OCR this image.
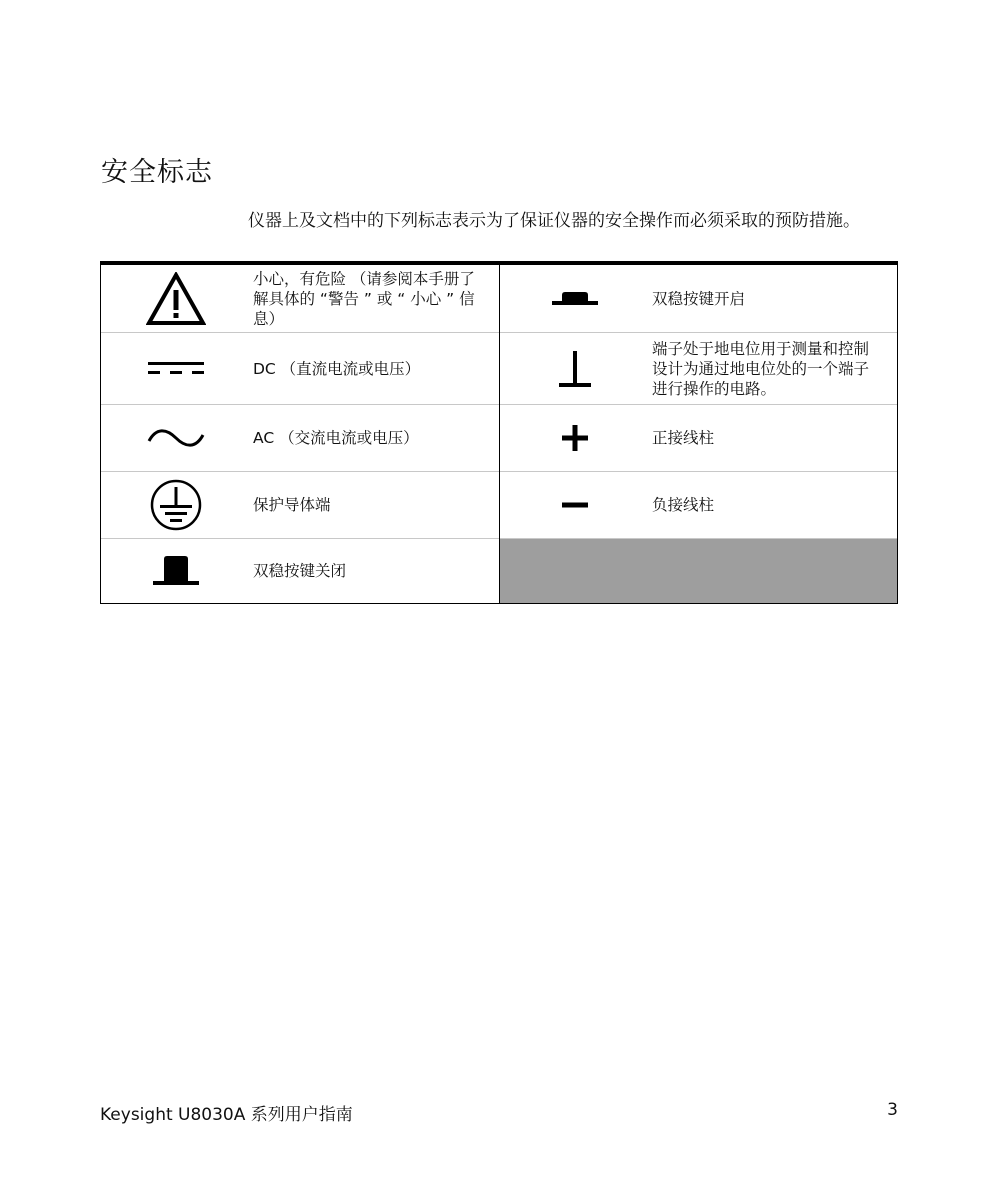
安全标志

仪器上及文档中的下列标志表示为了保证仪器的安全操作而必须采取的预防措施。

小心，有危险 （请参阅本手册了
解具体的 “警告 ” 或 “ 小心 ” 信息）
DC （直流电流或电压）
AC （交流电流或电压）
保护导体端
双稳按键关闭
双稳按键开启
端子处于地电位用于测量和控制
设计为通过地电位处的一个端子
进行操作的电路。
正接线柱
负接线柱

Keysight U8030A 系列用户指南	3
